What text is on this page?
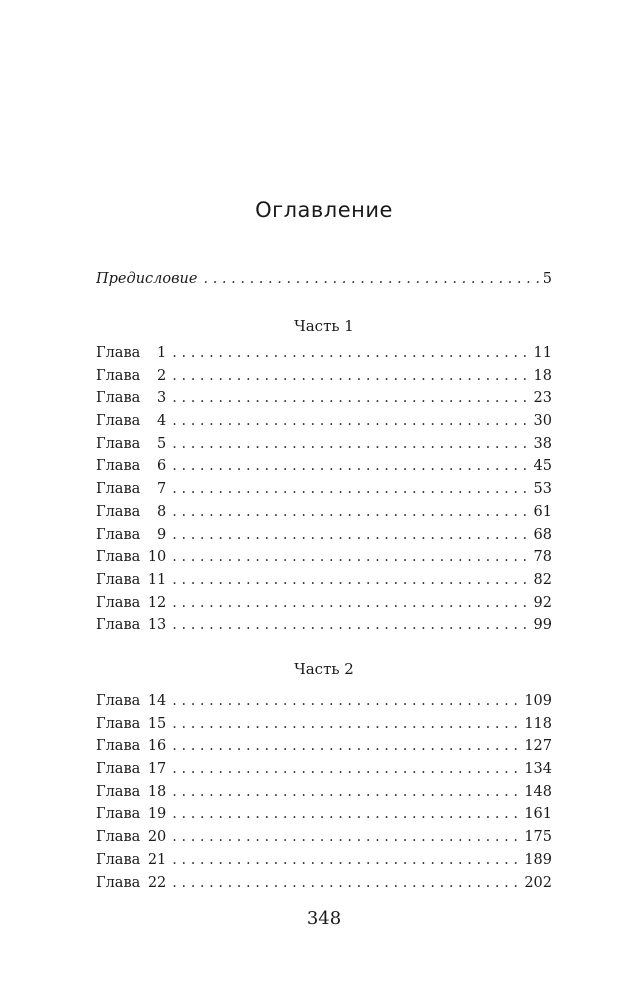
Оглавление
Предисловие . . .	5
Часть 1
Глава 1 . . .	11
Глава 2 . . .	18
Глава 3 . . .	23
Глава 4 . . .	30
Глава 5 . . .	38
Глава 6 . . .	45
Глава 7 . . .	53
Глава 8 . . .	61
Глава 9 . . .	68
Глава 10 . . .	78
Глава 11 . . .	82
Глава 12 . . .	92
Глава 13 . . .	99
Часть 2
Глава 14 . . .	109
Глава 15 . . .	118
Глава 16 . . .	127
Глава 17 . . .	134
Глава 18 . . .	148
Глава 19 . . .	161
Глава 20 . . .	175
Глава 21 . . .	189
Глава 22 . . .	202
348
